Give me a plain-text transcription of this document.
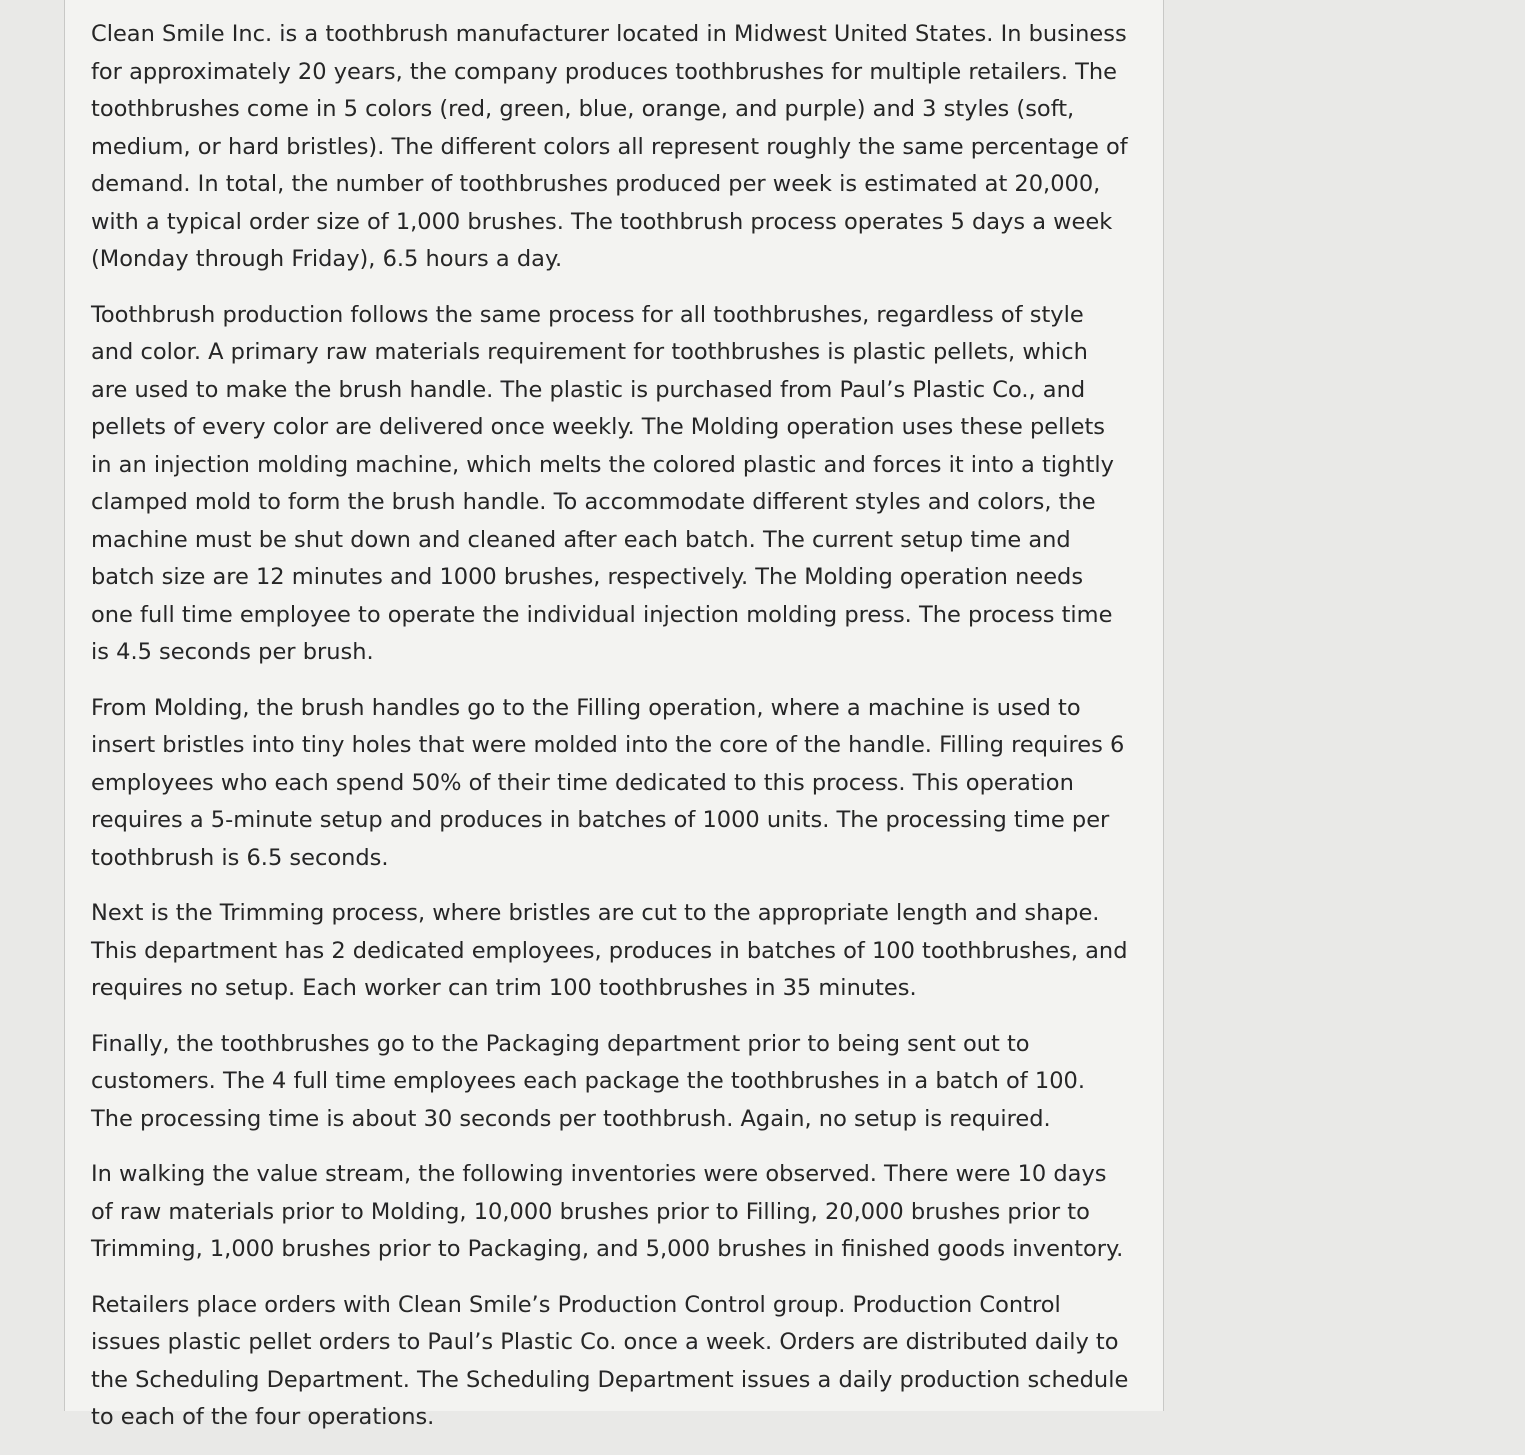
Clean Smile Inc. is a toothbrush manufacturer located in Midwest United States. In business for approximately 20 years, the company produces toothbrushes for multiple retailers. The toothbrushes come in 5 colors (red, green, blue, orange, and purple) and 3 styles (soft, medium, or hard bristles). The different colors all represent roughly the same percentage of demand. In total, the number of toothbrushes produced per week is estimated at 20,000, with a typical order size of 1,000 brushes. The toothbrush process operates 5 days a week (Monday through Friday), 6.5 hours a day.

Toothbrush production follows the same process for all toothbrushes, regardless of style and color. A primary raw materials requirement for toothbrushes is plastic pellets, which are used to make the brush handle. The plastic is purchased from Paul’s Plastic Co., and pellets of every color are delivered once weekly. The Molding operation uses these pellets in an injection molding machine, which melts the colored plastic and forces it into a tightly clamped mold to form the brush handle. To accommodate different styles and colors, the machine must be shut down and cleaned after each batch. The current setup time and batch size are 12 minutes and 1000 brushes, respectively. The Molding operation needs one full time employee to operate the individual injection molding press. The process time is 4.5 seconds per brush.

From Molding, the brush handles go to the Filling operation, where a machine is used to insert bristles into tiny holes that were molded into the core of the handle. Filling requires 6 employees who each spend 50% of their time dedicated to this process. This operation requires a 5-minute setup and produces in batches of 1000 units. The processing time per toothbrush is 6.5 seconds.

Next is the Trimming process, where bristles are cut to the appropriate length and shape. This department has 2 dedicated employees, produces in batches of 100 toothbrushes, and requires no setup. Each worker can trim 100 toothbrushes in 35 minutes.

Finally, the toothbrushes go to the Packaging department prior to being sent out to customers. The 4 full time employees each package the toothbrushes in a batch of 100. The processing time is about 30 seconds per toothbrush. Again, no setup is required.

In walking the value stream, the following inventories were observed. There were 10 days of raw materials prior to Molding, 10,000 brushes prior to Filling, 20,000 brushes prior to Trimming, 1,000 brushes prior to Packaging, and 5,000 brushes in finished goods inventory.

Retailers place orders with Clean Smile’s Production Control group. Production Control issues plastic pellet orders to Paul’s Plastic Co. once a week. Orders are distributed daily to the Scheduling Department. The Scheduling Department issues a daily production schedule to each of the four operations.
